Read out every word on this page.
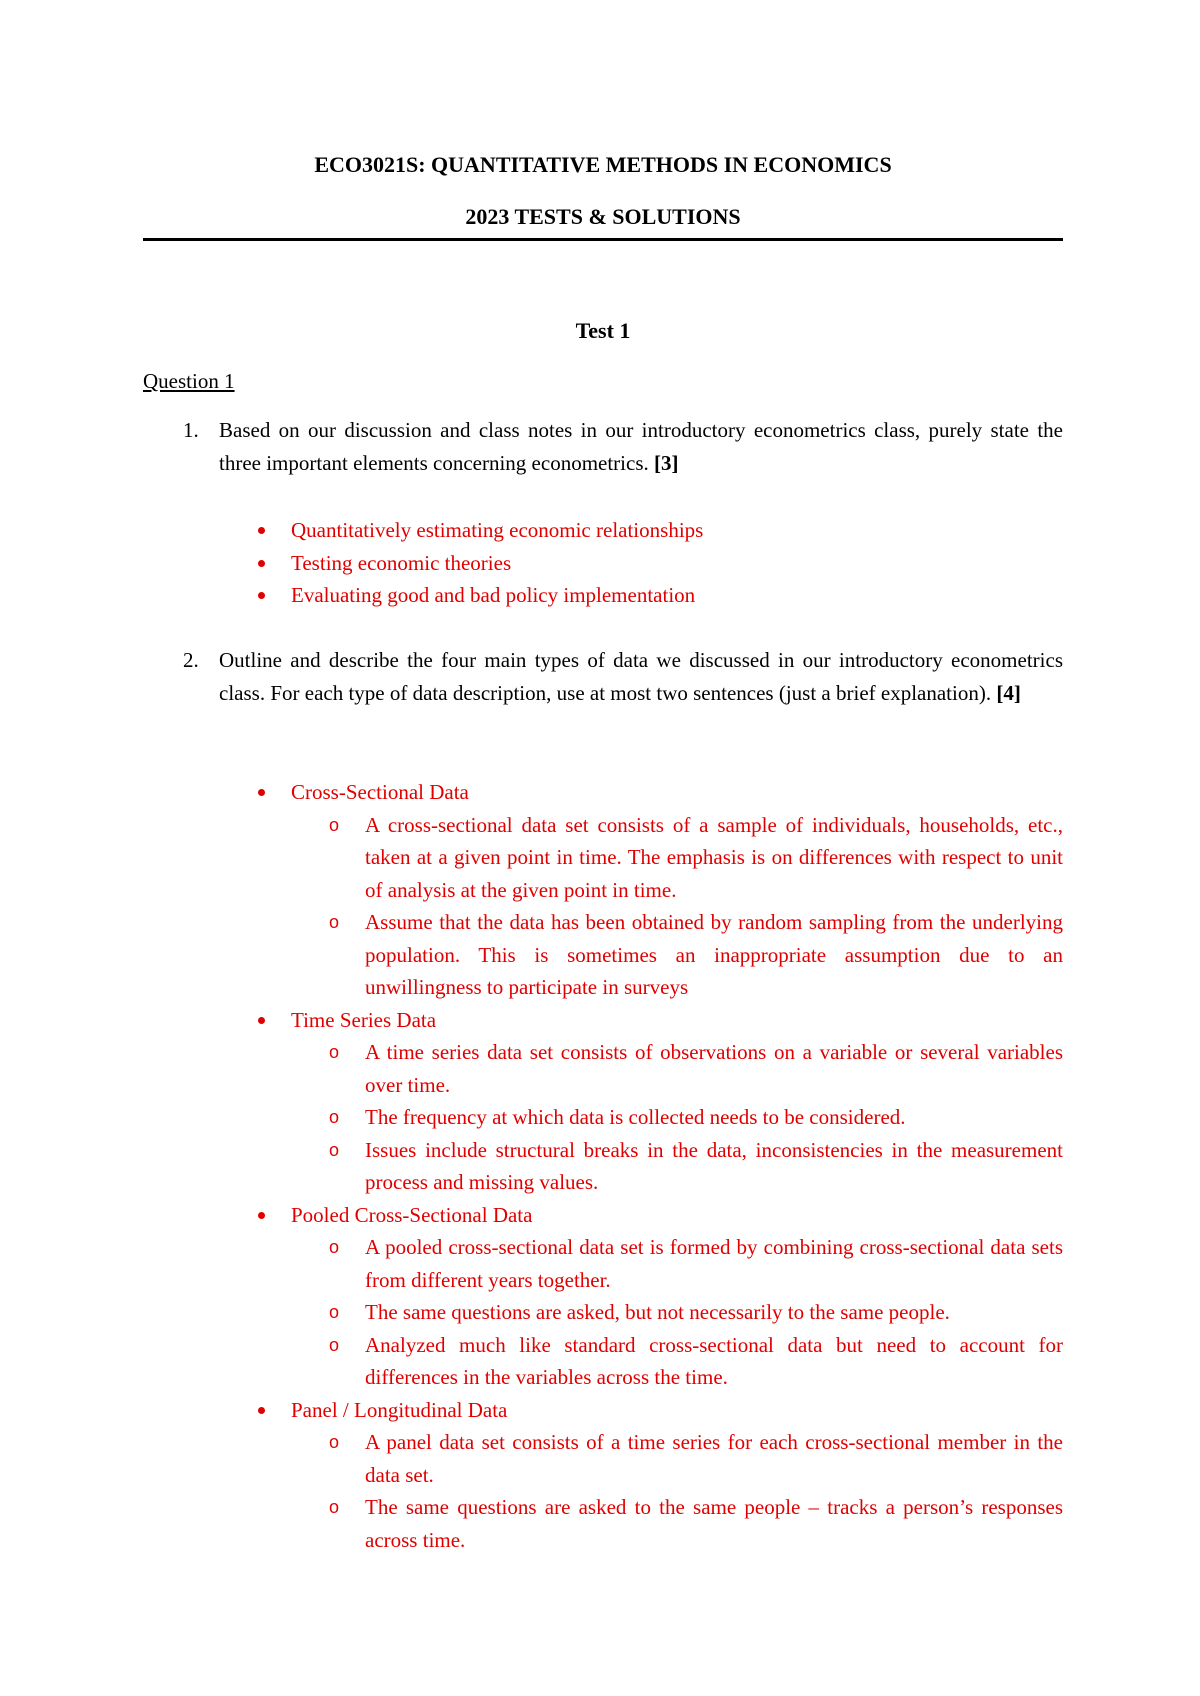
ECO3021S: QUANTITATIVE METHODS IN ECONOMICS
2023 TESTS & SOLUTIONS
Test 1
Question 1
1. Based on our discussion and class notes in our introductory econometrics class, purely state the three important elements concerning econometrics. [3]
Quantitatively estimating economic relationships
Testing economic theories
Evaluating good and bad policy implementation
2. Outline and describe the four main types of data we discussed in our introductory econometrics class. For each type of data description, use at most two sentences (just a brief explanation). [4]
Cross-Sectional Data
o A cross-sectional data set consists of a sample of individuals, households, etc., taken at a given point in time. The emphasis is on differences with respect to unit of analysis at the given point in time.
o Assume that the data has been obtained by random sampling from the underlying population. This is sometimes an inappropriate assumption due to an unwillingness to participate in surveys
Time Series Data
o A time series data set consists of observations on a variable or several variables over time.
o The frequency at which data is collected needs to be considered.
o Issues include structural breaks in the data, inconsistencies in the measurement process and missing values.
Pooled Cross-Sectional Data
o A pooled cross-sectional data set is formed by combining cross-sectional data sets from different years together.
o The same questions are asked, but not necessarily to the same people.
o Analyzed much like standard cross-sectional data but need to account for differences in the variables across the time.
Panel / Longitudinal Data
o A panel data set consists of a time series for each cross-sectional member in the data set.
o The same questions are asked to the same people – tracks a person’s responses across time.
